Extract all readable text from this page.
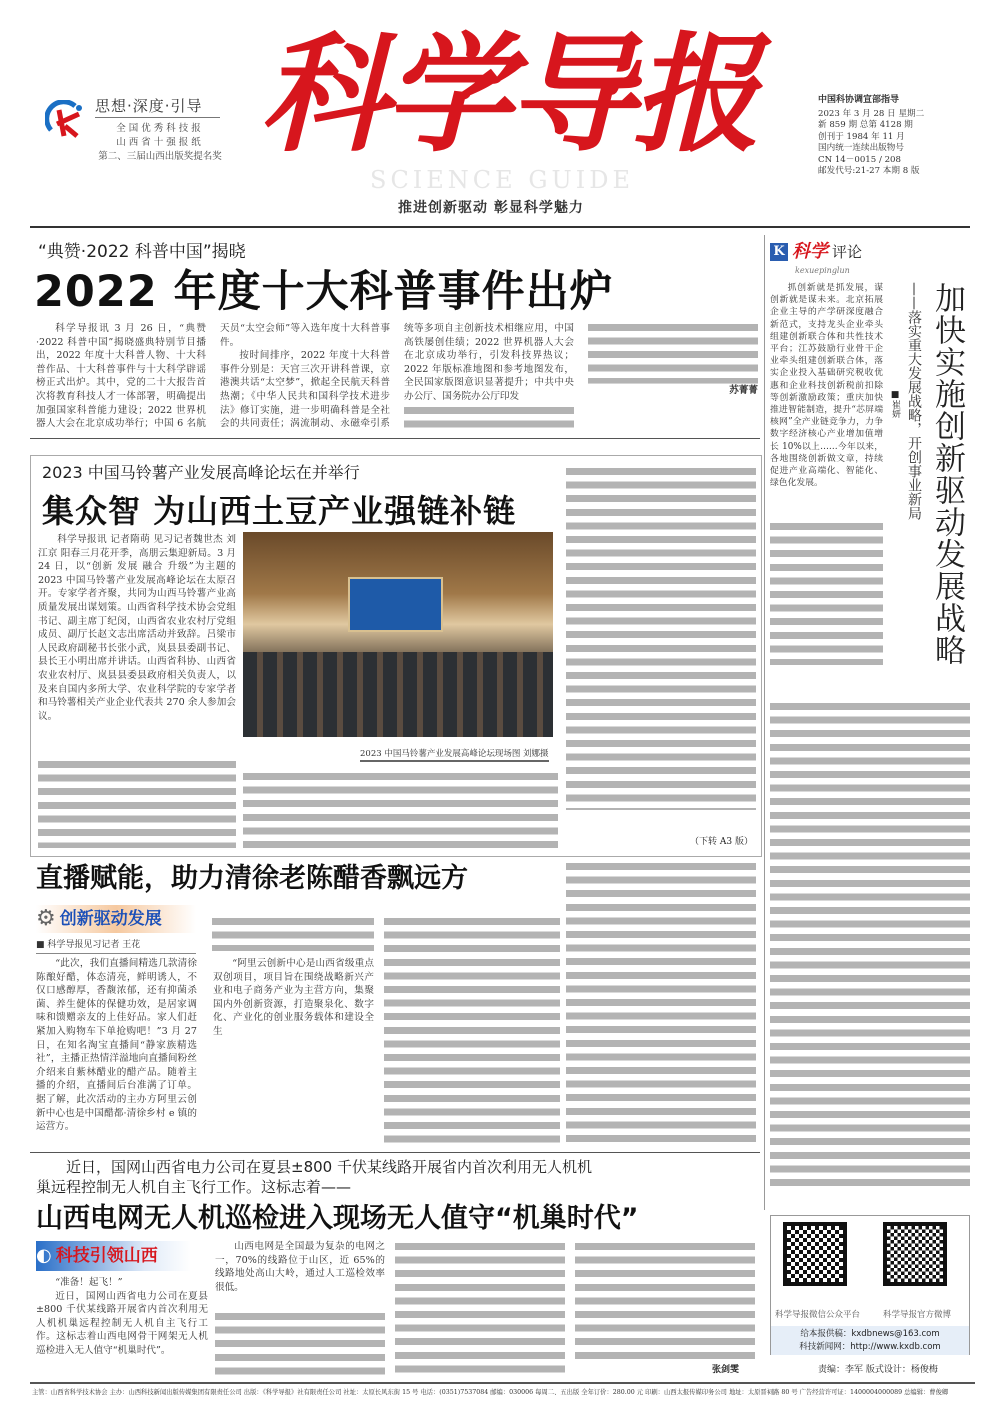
思想·深度·引导
全国优秀科技报
山西省十强报纸
第二、三届山西出版奖提名奖 科学导报
SCIENCE GUIDE
推进创新驱动 彰显科学魅力
中国科协调宣部指导
2023 年 3 月 28 日 星期二
新 859 期 总第 4128 期
创刊于 1984 年 11 月
国内统一连续出版物号
CN 14－0015 / 208
邮发代号:21-27 本期 8 版
“典赞·2022 科普中国”揭晓
2022 年度十大科普事件出炉

科学导报讯 3 月 26 日，“典赞·2022 科普中国”揭晓盛典特别节目播出，2022 年度十大科普人物、十大科普作品、十大科普事件与十大科学辟谣榜正式出炉。其中，党的二十大报告首次将教育科技人才一体部署，明确提出加强国家科普能力建设；2022 世界机器人大会在北京成功举行；中国 6 名航天员“太空会师”等入选年度十大科普事件。

按时间排序，2022 年度十大科普事件分别是：天宫三次开讲科普课，京港澳共话“太空梦”，掀起全民航天科普热潮；《中华人民共和国科学技术进步法》修订实施，进一步明确科普是全社会的共同责任；涡流制动、永磁牵引系统等多项自主创新技术相继应用，中国高铁屡创佳绩；2022 世界机器人大会在北京成功举行，引发科技界热议；2022 年版标准地图和参考地图发布，全民国家版图意识显著提升；中共中央办公厅、国务院办公厅印发

苏菁菁

2023 中国马铃薯产业发展高峰论坛在并举行
集众智 为山西土豆产业强链补链

科学导报讯 记者隋萌 见习记者魏世杰 刘江京 阳春三月花开季，高朋云集迎新局。3 月 24 日，以“创新 发展 融合 升级”为主题的 2023 中国马铃薯产业发展高峰论坛在太原召开。专家学者齐聚，共同为山西马铃薯产业高质量发展出谋划策。山西省科学技术协会党组书记、副主席丁纪闵，山西省农业农村厅党组成员、副厅长赵文志出席活动并致辞。吕梁市人民政府副秘书长张小武，岚县县委副书记、县长王小明出席并讲话。山西省科协、山西省农业农村厅、岚县县委县政府相关负责人，以及来自国内多所大学、农业科学院的专家学者和马铃薯相关产业企业代表共 270 余人参加会议。

2023 中国马铃薯产业发展高峰论坛现场图 刘娜摄
（下转 A3 版）
直播赋能，助力清徐老陈醋香飘远方
⚙ 创新驱动发展
■ 科学导报见习记者 王花

“此次，我们直播间精选几款清徐陈酿好醋，体态清亮，鲜明诱人，不仅口感醇厚，香馥浓郁，还有抑菌杀菌、养生健体的保健功效，是居家调味和馈赠亲友的上佳好品。家人们赶紧加入购物车下单抢购吧！”3 月 27 日，在知名淘宝直播间“静家族精选社”，主播正热情洋溢地向直播间粉丝介绍来自紫林醋业的醋产品。随着主播的介绍，直播间后台准满了订单。据了解，此次活动的主办方阿里云创新中心也是中国醋都·清徐乡村 e 镇的运营方。

“阿里云创新中心是山西省级重点双创项目，项目旨在围绕战略新兴产业和电子商务产业为主营方向，集聚国内外创新资源，打造聚泉化、数字化、产业化的创业服务载体和建设全生

近日，国网山西省电力公司在夏县±800 千伏某线路开展省内首次利用无人机机巢远程控制无人机自主飞行工作。这标志着——
山西电网无人机巡检进入现场无人值守“机巢时代”
◐ 科技引领山西

“准备！起飞！”

近日，国网山西省电力公司在夏县±800 千伏某线路开展省内首次利用无人机机巢远程控制无人机自主飞行工作。这标志着山西电网骨干网架无人机巡检进入无人值守“机巢时代”。

山西电网是全国最为复杂的电网之一，70%的线路位于山区，近 65%的线路地处高山大岭，通过人工巡检效率很低。

张剑雯
K 科学 评论
kexuepinglun
加快实施创新驱动发展战略
——落实重大发展战略，开创事业新局
■崔妍

抓创新就是抓发展，谋创新就是谋未来。北京拓展企业主导的产学研深度融合新范式，支持龙头企业牵头组建创新联合体和共性技术平台；江苏鼓励行业骨干企业牵头组建创新联合体，落实企业投入基础研究税收优惠和企业科技创新税前扣除等创新激励政策；重庆加快推进智能制造，提升“芯屏端核网”全产业链竞争力，力争数字经济核心产业增加值增长 10%以上……今年以来，各地围绕创新做文章，持续促进产业高端化、智能化、绿色化发展。

科学导报微信公众平台	科学导报官方微博
给本报供稿：kxdbnews@163.com
科技新闻网：http://www.kxdb.com
责编：李军 版式设计：杨俊梅
主管：山西省科学技术协会 主办：山西科技新闻出版传媒集团有限责任公司 出版：《科学导报》社有限责任公司 社址：太原长风东街 15 号 电话：(0351)7537084 邮编：030006 每周二、五出版 全年订价：280.00 元 印刷：山西太报传媒印务公司 地址：太原晋祠路 80 号 广告经营许可证：1400004000089 总编辑：曹俊卿
